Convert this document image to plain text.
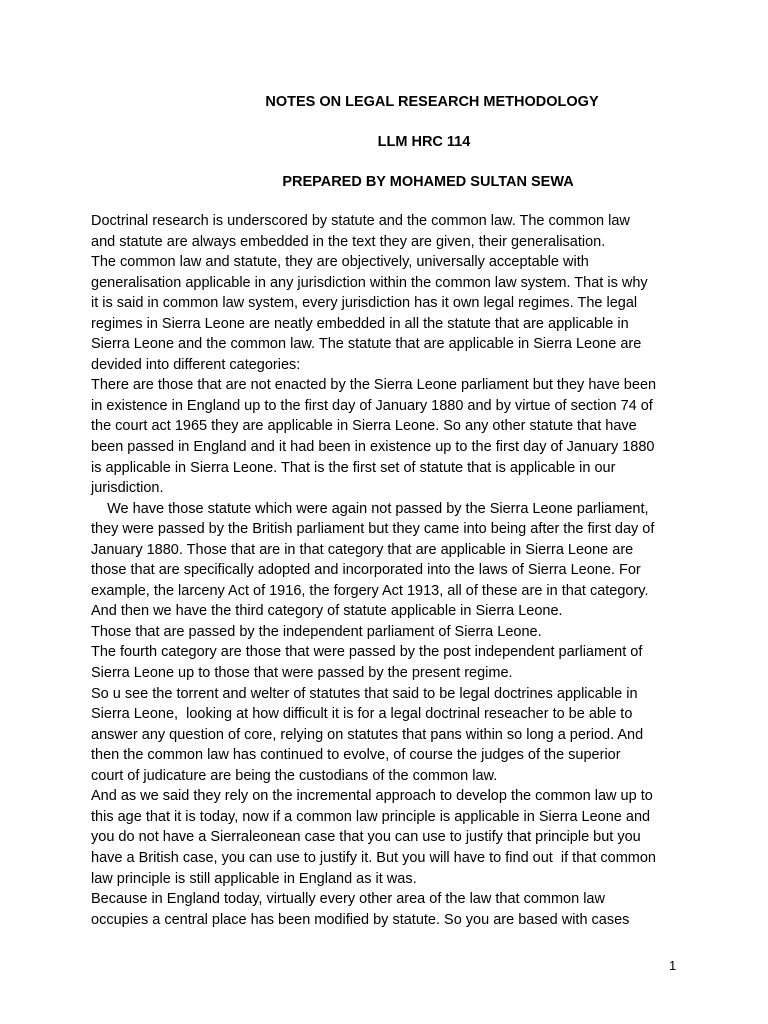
NOTES ON LEGAL RESEARCH METHODOLOGY
LLM HRC 114
PREPARED BY MOHAMED SULTAN SEWA
Doctrinal research is underscored by statute and the common law. The common law
and statute are always embedded in the text they are given, their generalisation.
The common law and statute, they are objectively, universally acceptable with
generalisation applicable in any jurisdiction within the common law system. That is why
it is said in common law system, every jurisdiction has it own legal regimes. The legal
regimes in Sierra Leone are neatly embedded in all the statute that are applicable in
Sierra Leone and the common law. The statute that are applicable in Sierra Leone are
devided into different categories:
There are those that are not enacted by the Sierra Leone parliament but they have been
in existence in England up to the first day of January 1880 and by virtue of section 74 of
the court act 1965 they are applicable in Sierra Leone. So any other statute that have
been passed in England and it had been in existence up to the first day of January 1880
is applicable in Sierra Leone. That is the first set of statute that is applicable in our
jurisdiction.
We have those statute which were again not passed by the Sierra Leone parliament,
they were passed by the British parliament but they came into being after the first day of
January 1880. Those that are in that category that are applicable in Sierra Leone are
those that are specifically adopted and incorporated into the laws of Sierra Leone. For
example, the larceny Act of 1916, the forgery Act 1913, all of these are in that category.
And then we have the third category of statute applicable in Sierra Leone.
Those that are passed by the independent parliament of Sierra Leone.
The fourth category are those that were passed by the post independent parliament of
Sierra Leone up to those that were passed by the present regime.
So u see the torrent and welter of statutes that said to be legal doctrines applicable in
Sierra Leone,  looking at how difficult it is for a legal doctrinal reseacher to be able to
answer any question of core, relying on statutes that pans within so long a period. And
then the common law has continued to evolve, of course the judges of the superior
court of judicature are being the custodians of the common law.
And as we said they rely on the incremental approach to develop the common law up to
this age that it is today, now if a common law principle is applicable in Sierra Leone and
you do not have a Sierraleonean case that you can use to justify that principle but you
have a British case, you can use to justify it. But you will have to find out  if that common
law principle is still applicable in England as it was.
Because in England today, virtually every other area of the law that common law
occupies a central place has been modified by statute. So you are based with cases
1
